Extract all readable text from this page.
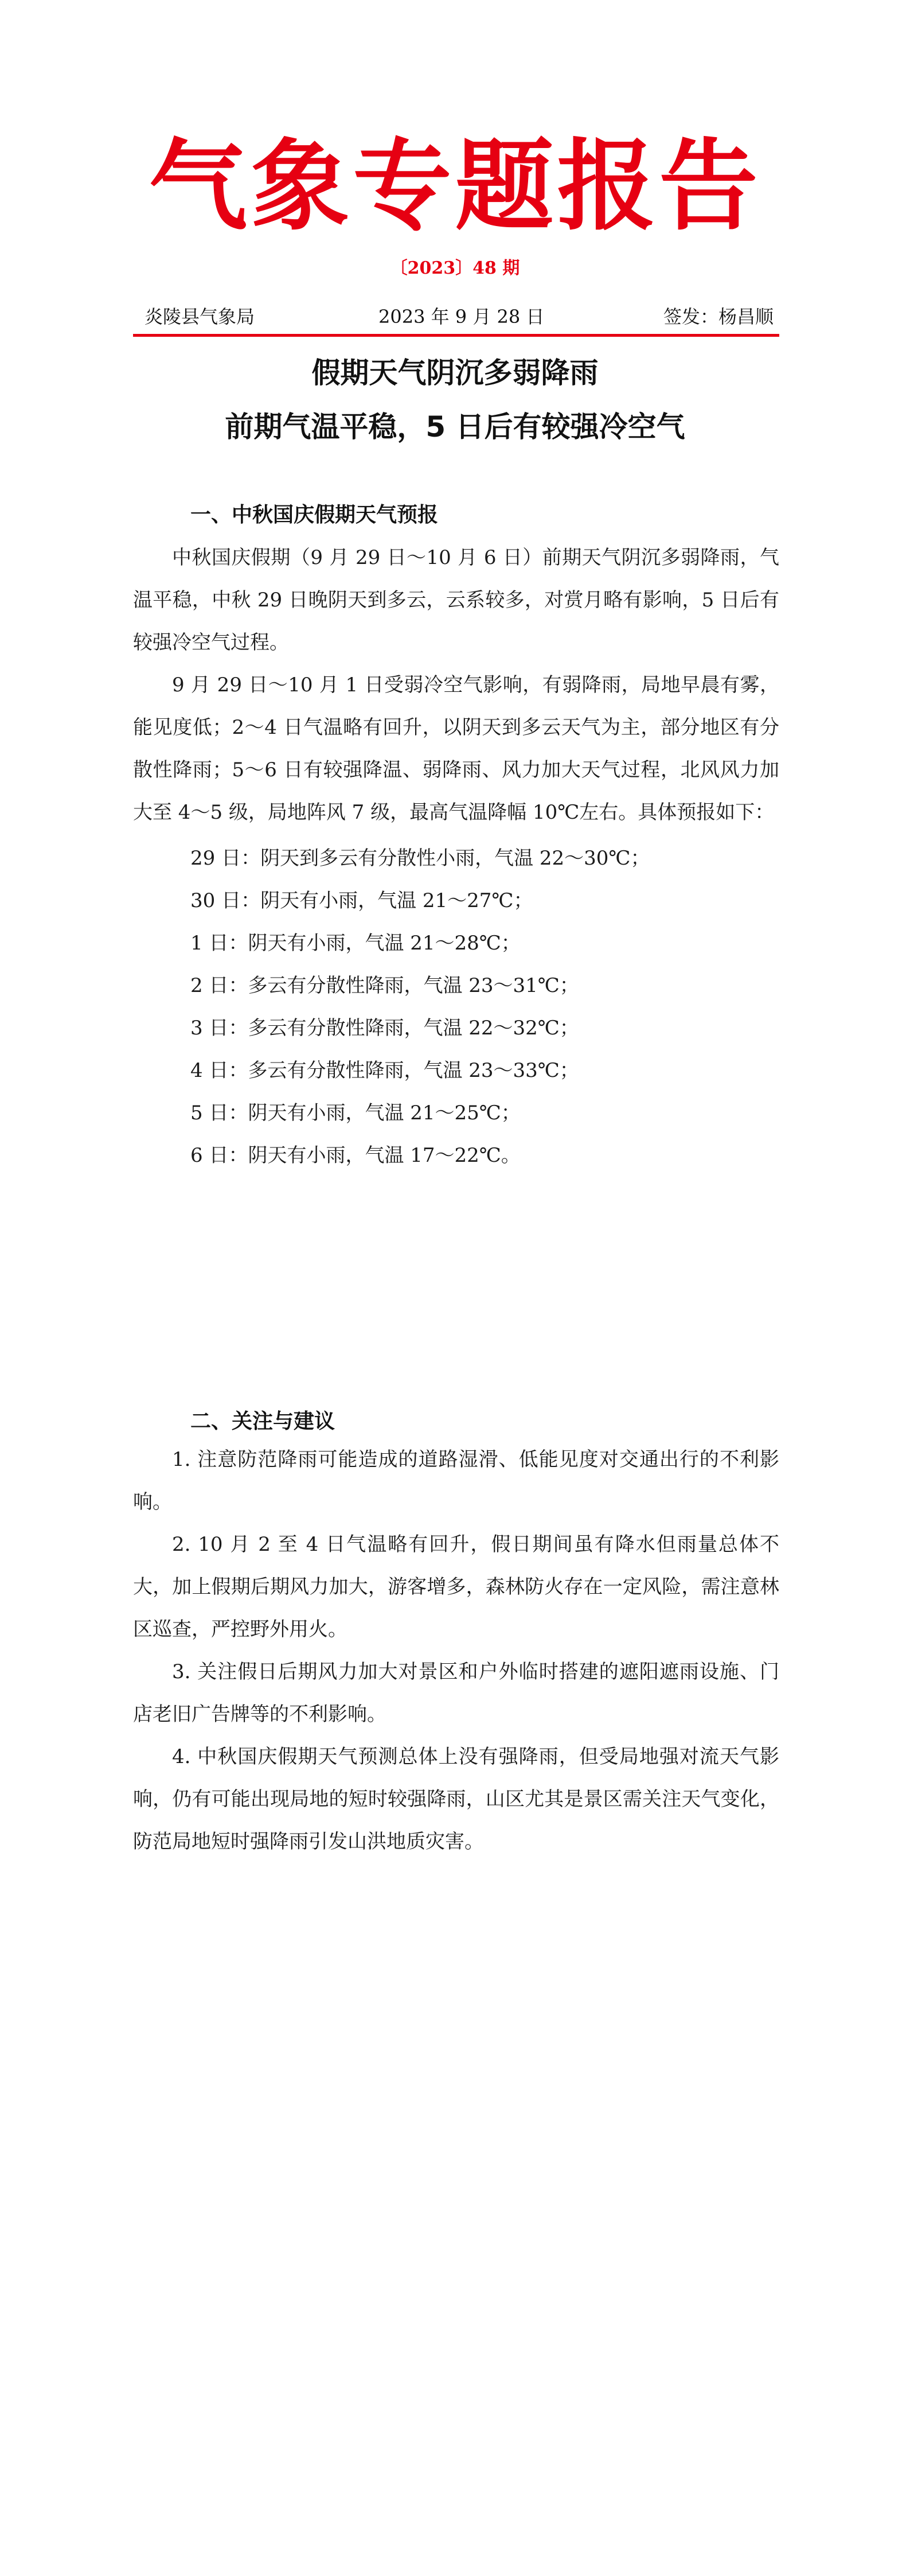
气象专题报告
〔2023〕48 期
炎陵县气象局	2023 年 9 月 28 日	签发：杨昌顺
假期天气阴沉多弱降雨
前期气温平稳，5 日后有较强冷空气
一、中秋国庆假期天气预报

中秋国庆假期（9 月 29 日～10 月 6 日）前期天气阴沉多弱降雨，气温平稳，中秋 29 日晚阴天到多云，云系较多，对赏月略有影响，5 日后有较强冷空气过程。

9 月 29 日～10 月 1 日受弱冷空气影响，有弱降雨，局地早晨有雾，能见度低；2～4 日气温略有回升，以阴天到多云天气为主，部分地区有分散性降雨；5～6 日有较强降温、弱降雨、风力加大天气过程，北风风力加大至 4～5 级，局地阵风 7 级，最高气温降幅 10℃左右。具体预报如下：

29 日：阴天到多云有分散性小雨，气温 22～30℃；
30 日：阴天有小雨，气温 21～27℃；
1 日：阴天有小雨，气温 21～28℃；
2 日：多云有分散性降雨，气温 23～31℃；
3 日：多云有分散性降雨，气温 22～32℃；
4 日：多云有分散性降雨，气温 23～33℃；
5 日：阴天有小雨，气温 21～25℃；
6 日：阴天有小雨，气温 17～22℃。
二、关注与建议

1. 注意防范降雨可能造成的道路湿滑、低能见度对交通出行的不利影响。

2. 10 月 2 至 4 日气温略有回升，假日期间虽有降水但雨量总体不大，加上假期后期风力加大，游客增多，森林防火存在一定风险，需注意林区巡查，严控野外用火。

3. 关注假日后期风力加大对景区和户外临时搭建的遮阳遮雨设施、门店老旧广告牌等的不利影响。

4. 中秋国庆假期天气预测总体上没有强降雨，但受局地强对流天气影响，仍有可能出现局地的短时较强降雨，山区尤其是景区需关注天气变化，防范局地短时强降雨引发山洪地质灾害。
